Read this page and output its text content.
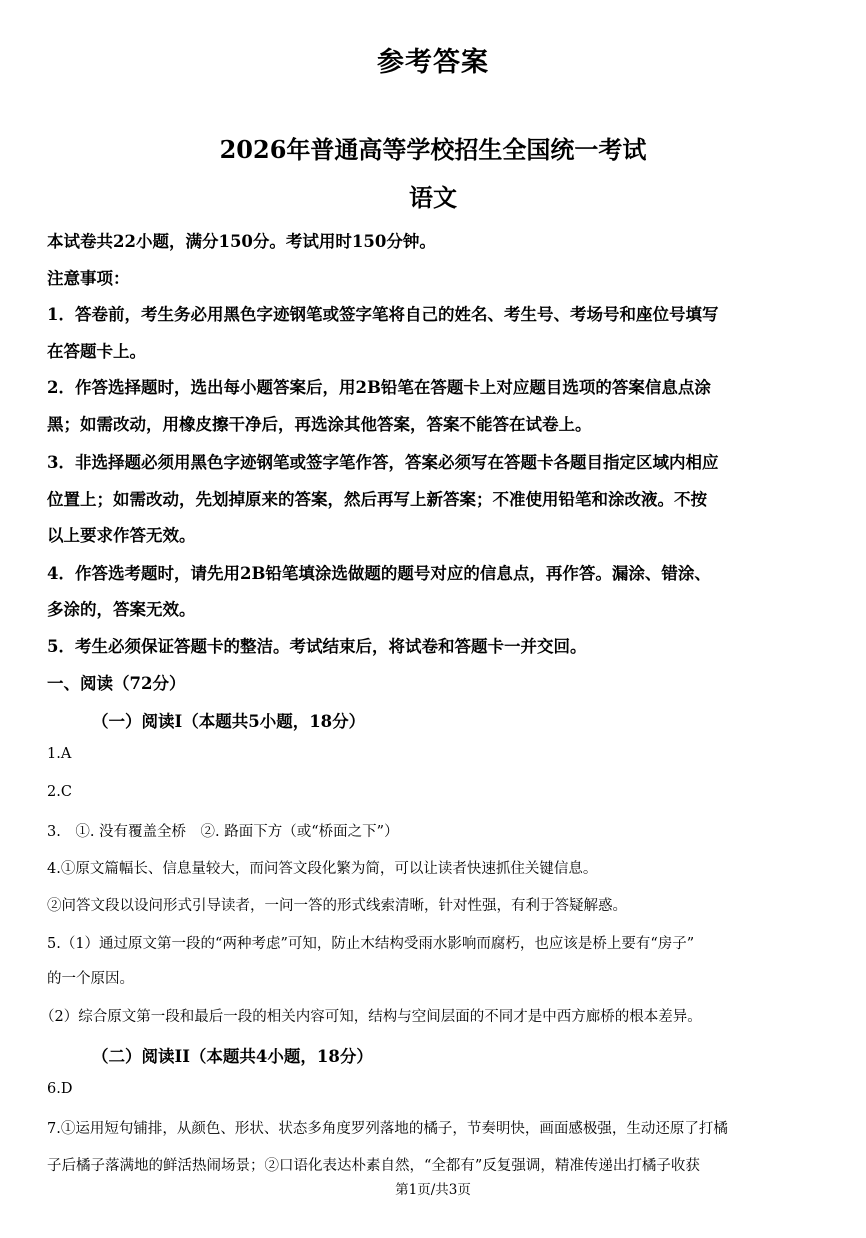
参考答案
2026年普通高等学校招生全国统一考试
语文
本试卷共22小题，满分150分。考试用时150分钟。
注意事项：
1．答卷前，考生务必用黑色字迹钢笔或签字笔将自己的姓名、考生号、考场号和座位号填写
在答题卡上。
2．作答选择题时，选出每小题答案后，用2B铅笔在答题卡上对应题目选项的答案信息点涂
黑；如需改动，用橡皮擦干净后，再选涂其他答案，答案不能答在试卷上。
3．非选择题必须用黑色字迹钢笔或签字笔作答，答案必须写在答题卡各题目指定区域内相应
位置上；如需改动，先划掉原来的答案，然后再写上新答案；不准使用铅笔和涂改液。不按
以上要求作答无效。
4．作答选考题时，请先用2B铅笔填涂选做题的题号对应的信息点，再作答。漏涂、错涂、
多涂的，答案无效。
5．考生必须保证答题卡的整洁。考试结束后，将试卷和答题卡一并交回。
一、阅读（72分）
（一）阅读I（本题共5小题，18分）
1.A
2.C
3.　①. 没有覆盖全桥　②. 路面下方（或“桥面之下”）
4.①原文篇幅长、信息量较大，而问答文段化繁为简，可以让读者快速抓住关键信息。
②问答文段以设问形式引导读者，一问一答的形式线索清晰，针对性强，有利于答疑解惑。
5.（1）通过原文第一段的“两种考虑”可知，防止木结构受雨水影响而腐朽，也应该是桥上要有“房子”
的一个原因。
（2）综合原文第一段和最后一段的相关内容可知，结构与空间层面的不同才是中西方廊桥的根本差异。
（二）阅读II（本题共4小题，18分）
6.D
7.①运用短句铺排，从颜色、形状、状态多角度罗列落地的橘子，节奏明快，画面感极强，生动还原了打橘
子后橘子落满地的鲜活热闹场景；②口语化表达朴素自然，“全都有”反复强调，精准传递出打橘子收获
第1页/共3页
